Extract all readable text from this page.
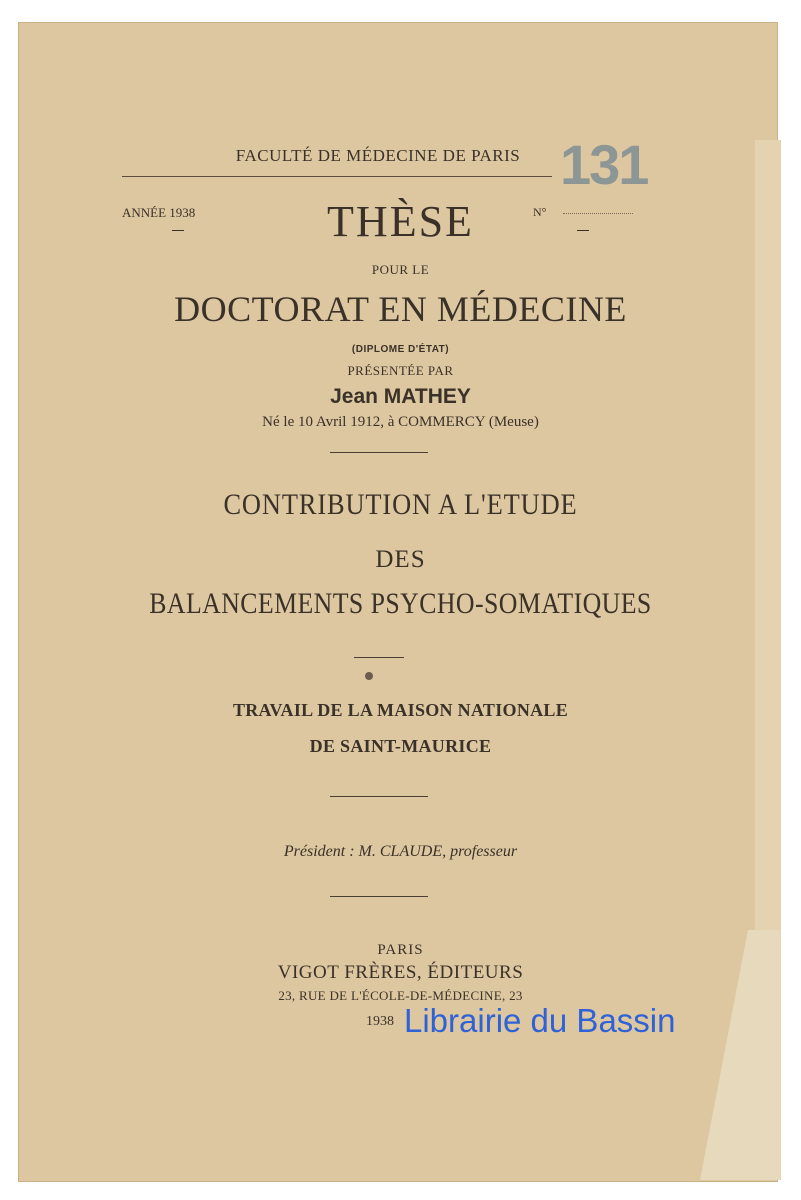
FACULTÉ DE MÉDECINE DE PARIS 131
ANNÉE 1938	N°
THÈSE
POUR LE
DOCTORAT EN MÉDECINE
(DIPLOME D'ÉTAT)
PRÉSENTÉE PAR
Jean MATHEY
Né le 10 Avril 1912, à COMMERCY (Meuse)
CONTRIBUTION A L'ETUDE
DES
BALANCEMENTS PSYCHO-SOMATIQUES
TRAVAIL DE LA MAISON NATIONALE
DE SAINT-MAURICE
Président : M. CLAUDE, professeur
PARIS
VIGOT FRÈRES, ÉDITEURS
23, RUE DE L'ÉCOLE-DE-MÉDECINE, 23
1938 Librairie du Bassin
